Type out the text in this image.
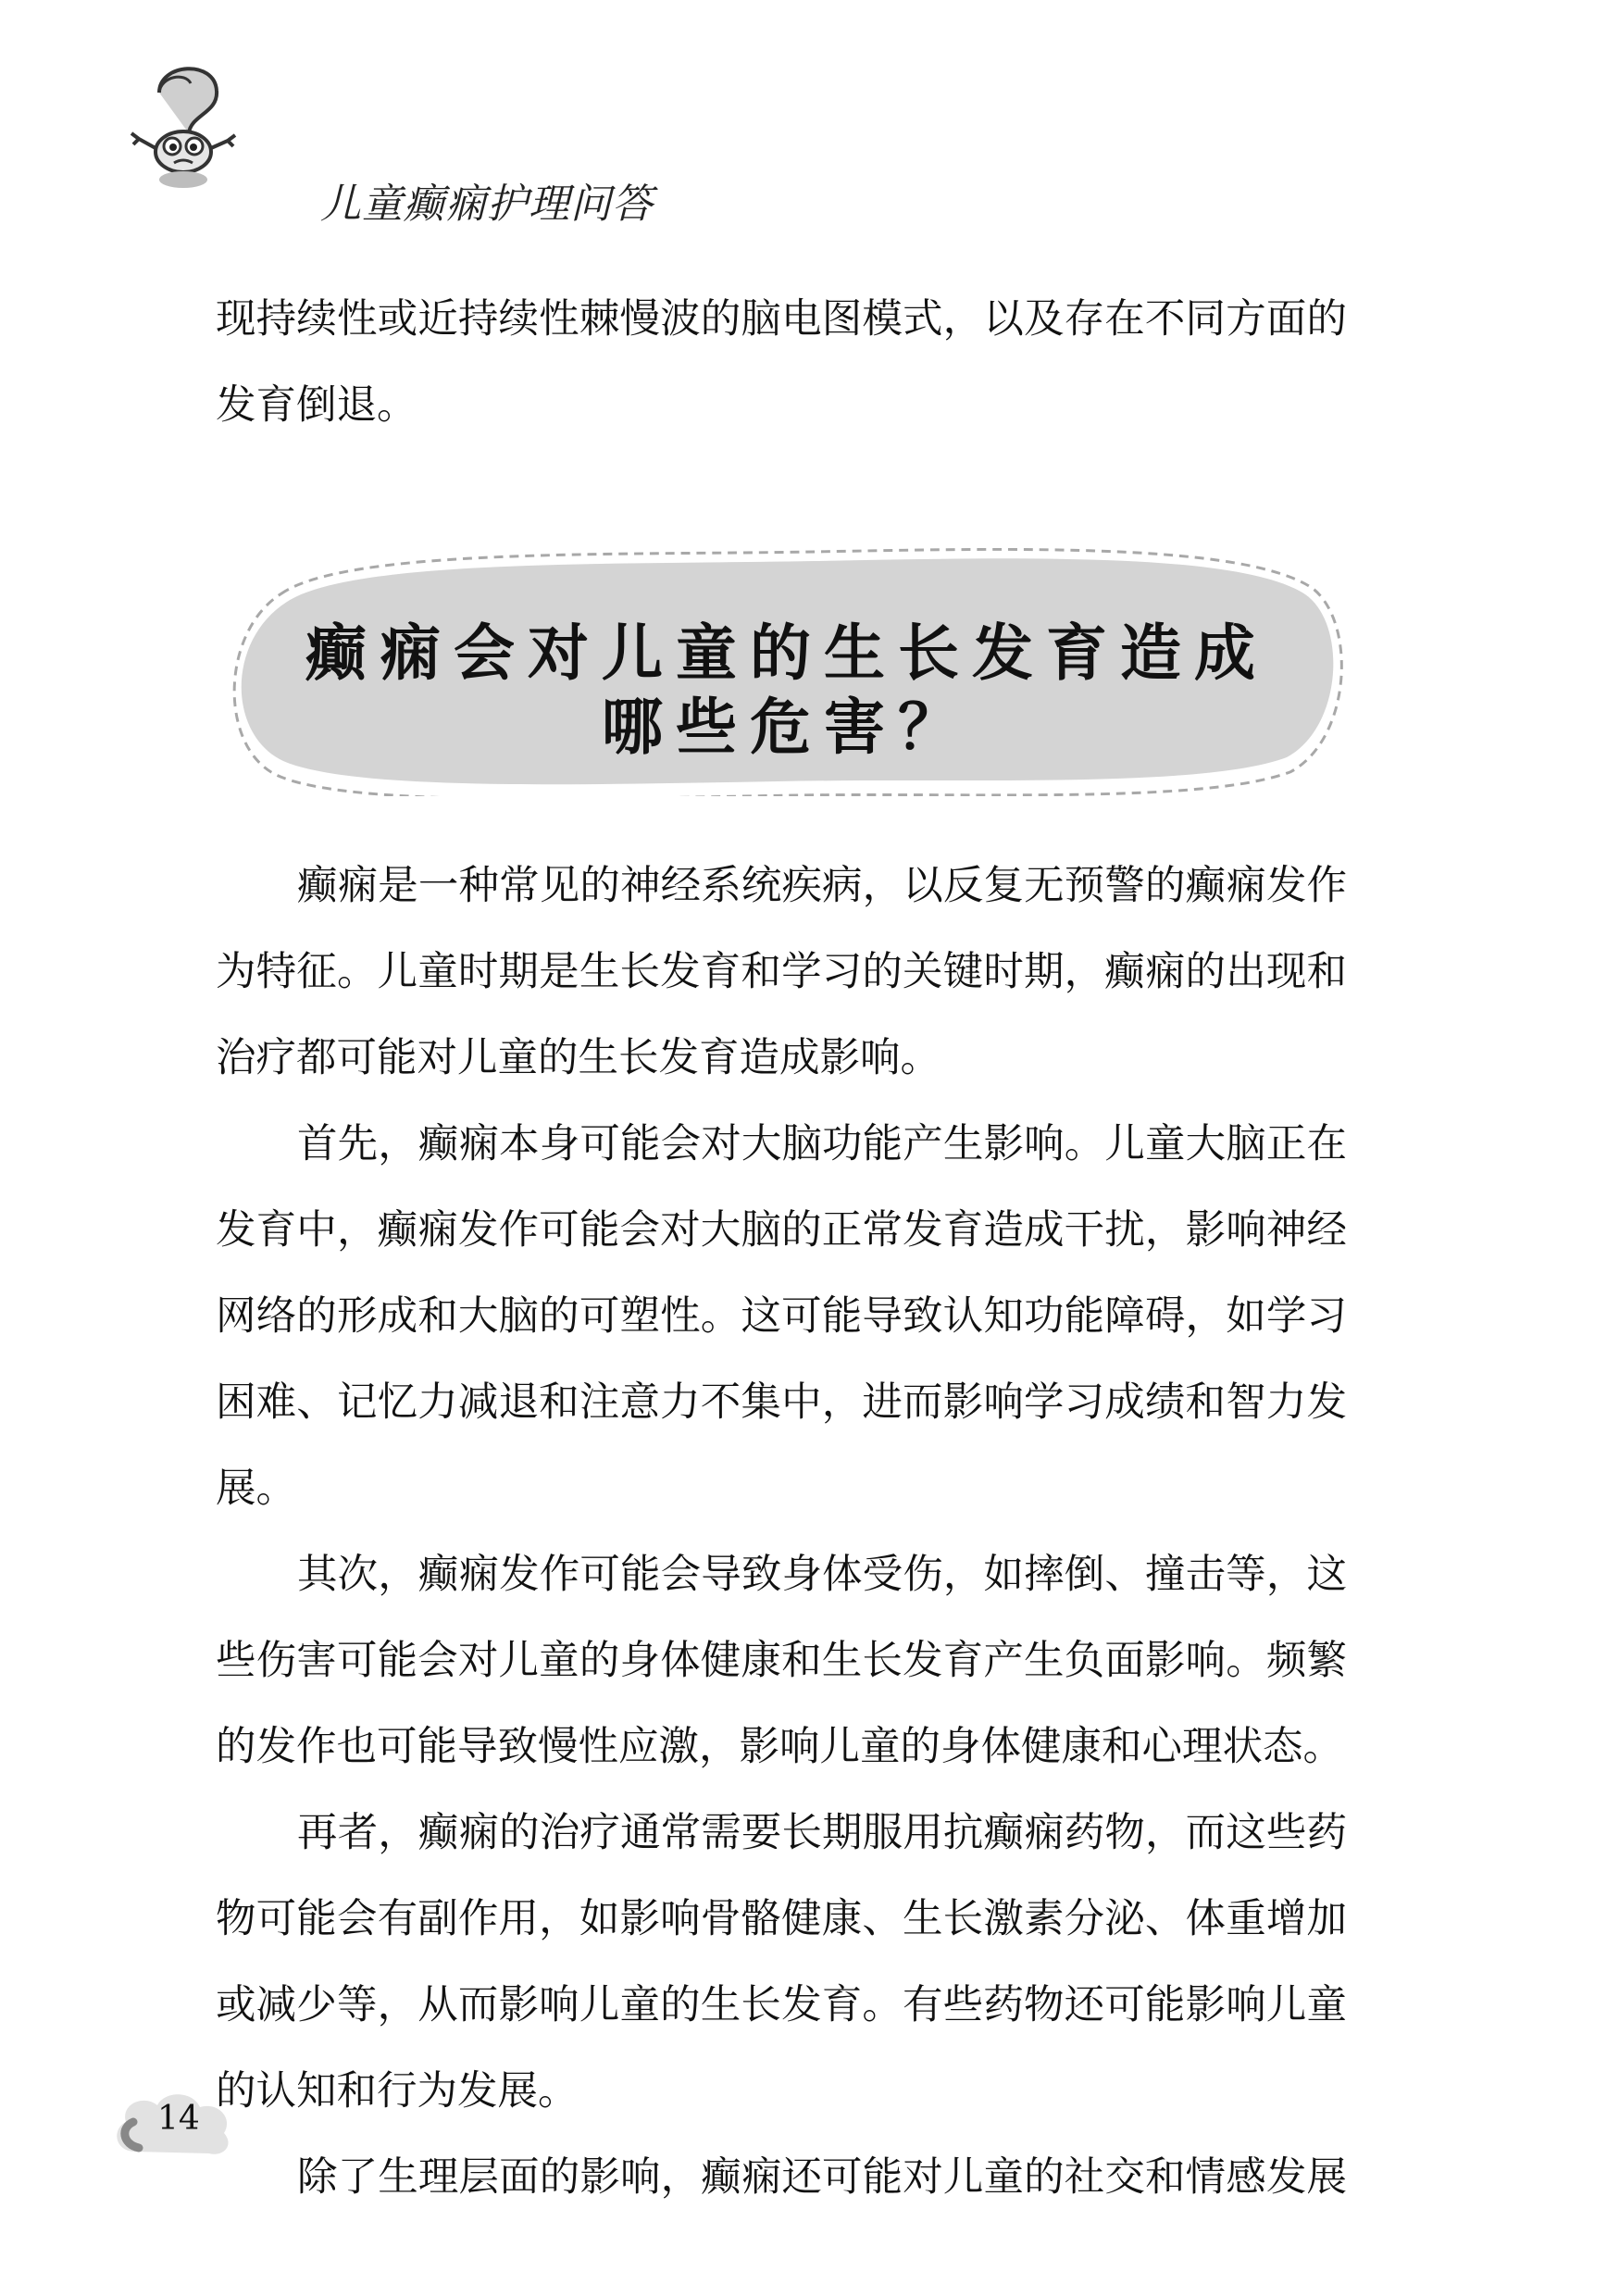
儿童癫痫护理问答

现持续性或近持续性棘慢波的脑电图模式，以及存在不同方面的

发育倒退。

癫痫会对儿童的生长发育造成
哪些危害？

癫痫是一种常见的神经系统疾病，以反复无预警的癫痫发作为特征。儿童时期是生长发育和学习的关键时期，癫痫的出现和治疗都可能对儿童的生长发育造成影响。

首先，癫痫本身可能会对大脑功能产生影响。儿童大脑正在发育中，癫痫发作可能会对大脑的正常发育造成干扰，影响神经网络的形成和大脑的可塑性。这可能导致认知功能障碍，如学习困难、记忆力减退和注意力不集中，进而影响学习成绩和智力发展。

其次，癫痫发作可能会导致身体受伤，如摔倒、撞击等，这些伤害可能会对儿童的身体健康和生长发育产生负面影响。频繁的发作也可能导致慢性应激，影响儿童的身体健康和心理状态。

再者，癫痫的治疗通常需要长期服用抗癫痫药物，而这些药物可能会有副作用，如影响骨骼健康、生长激素分泌、体重增加或减少等，从而影响儿童的生长发育。有些药物还可能影响儿童的认知和行为发展。

除了生理层面的影响，癫痫还可能对儿童的社交和情感发展

14
